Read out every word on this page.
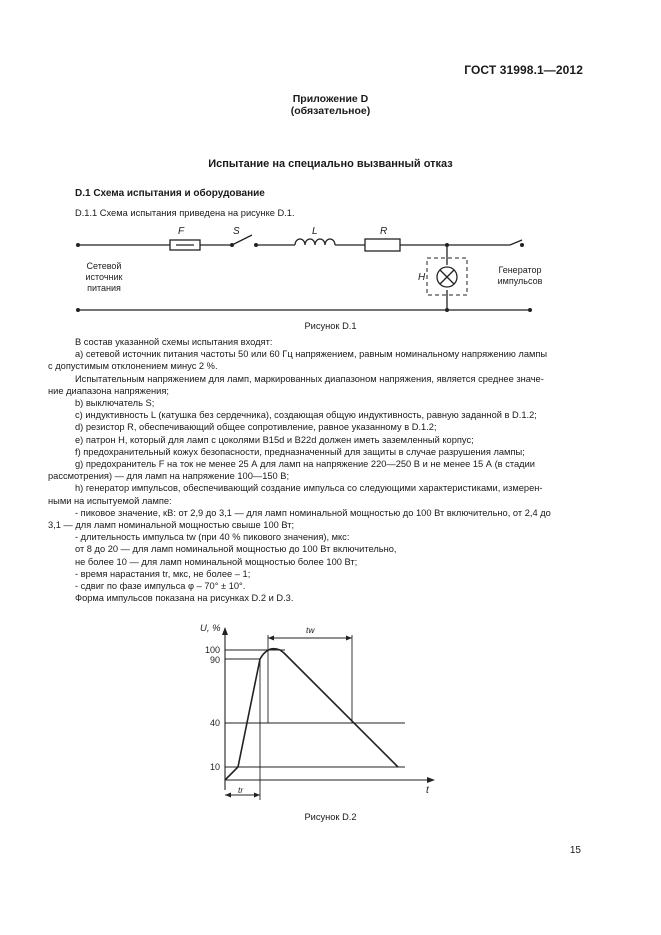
ГОСТ 31998.1—2012
Приложение D
(обязательное)
Испытание на специально вызванный отказ
D.1 Схема испытания и оборудование
D.1.1 Схема испытания приведена на рисунке D.1.
F	S	L	R
H
Сетевой
источник
питания
Генератор
импульсов
Рисунок D.1
В состав указанной схемы испытания входят:
а) сетевой источник питания частоты 50 или 60 Гц напряжением, равным номинальному напряжению лампы
с допустимым отклонением минус 2 %.
Испытательным напряжением для ламп, маркированных диапазоном напряжения, является среднее значе-
ние диапазона напряжения;
b) выключатель S;
c) индуктивность L (катушка без сердечника), создающая общую индуктивность, равную заданной в D.1.2;
d) резистор R, обеспечивающий общее сопротивление, равное указанному в D.1.2;
e) патрон H, который для ламп с цоколями B15d и B22d должен иметь заземленный корпус;
f) предохранительный кожух безопасности, предназначенный для защиты в случае разрушения лампы;
g) предохранитель F на ток не менее 25 А для ламп на напряжение 220—250 В и не менее 15 А (в стадии
рассмотрения) — для ламп на напряжение 100—150 В;
h) генератор импульсов, обеспечивающий создание импульса со следующими характеристиками, измерен-
ными на испытуемой лампе:
- пиковое значение, кВ: от 2,9 до 3,1 — для ламп номинальной мощностью до 100 Вт включительно, от 2,4 до
3,1 — для ламп номинальной мощностью свыше 100 Вт;
- длительность импульса tw (при 40 % пикового значения), мкс:
от 8 до 20 — для ламп номинальной мощностью до 100 Вт включительно,
не более 10 — для ламп номинальной мощностью более 100 Вт;
- время нарастания tr, мкс, не более – 1;
- сдвиг по фазе импульса φ – 70° ± 10°.
Форма импульсов показана на рисунках D.2 и D.3.
100
90
40
10
U, %
t
tw
tr
Рисунок D.2
15
